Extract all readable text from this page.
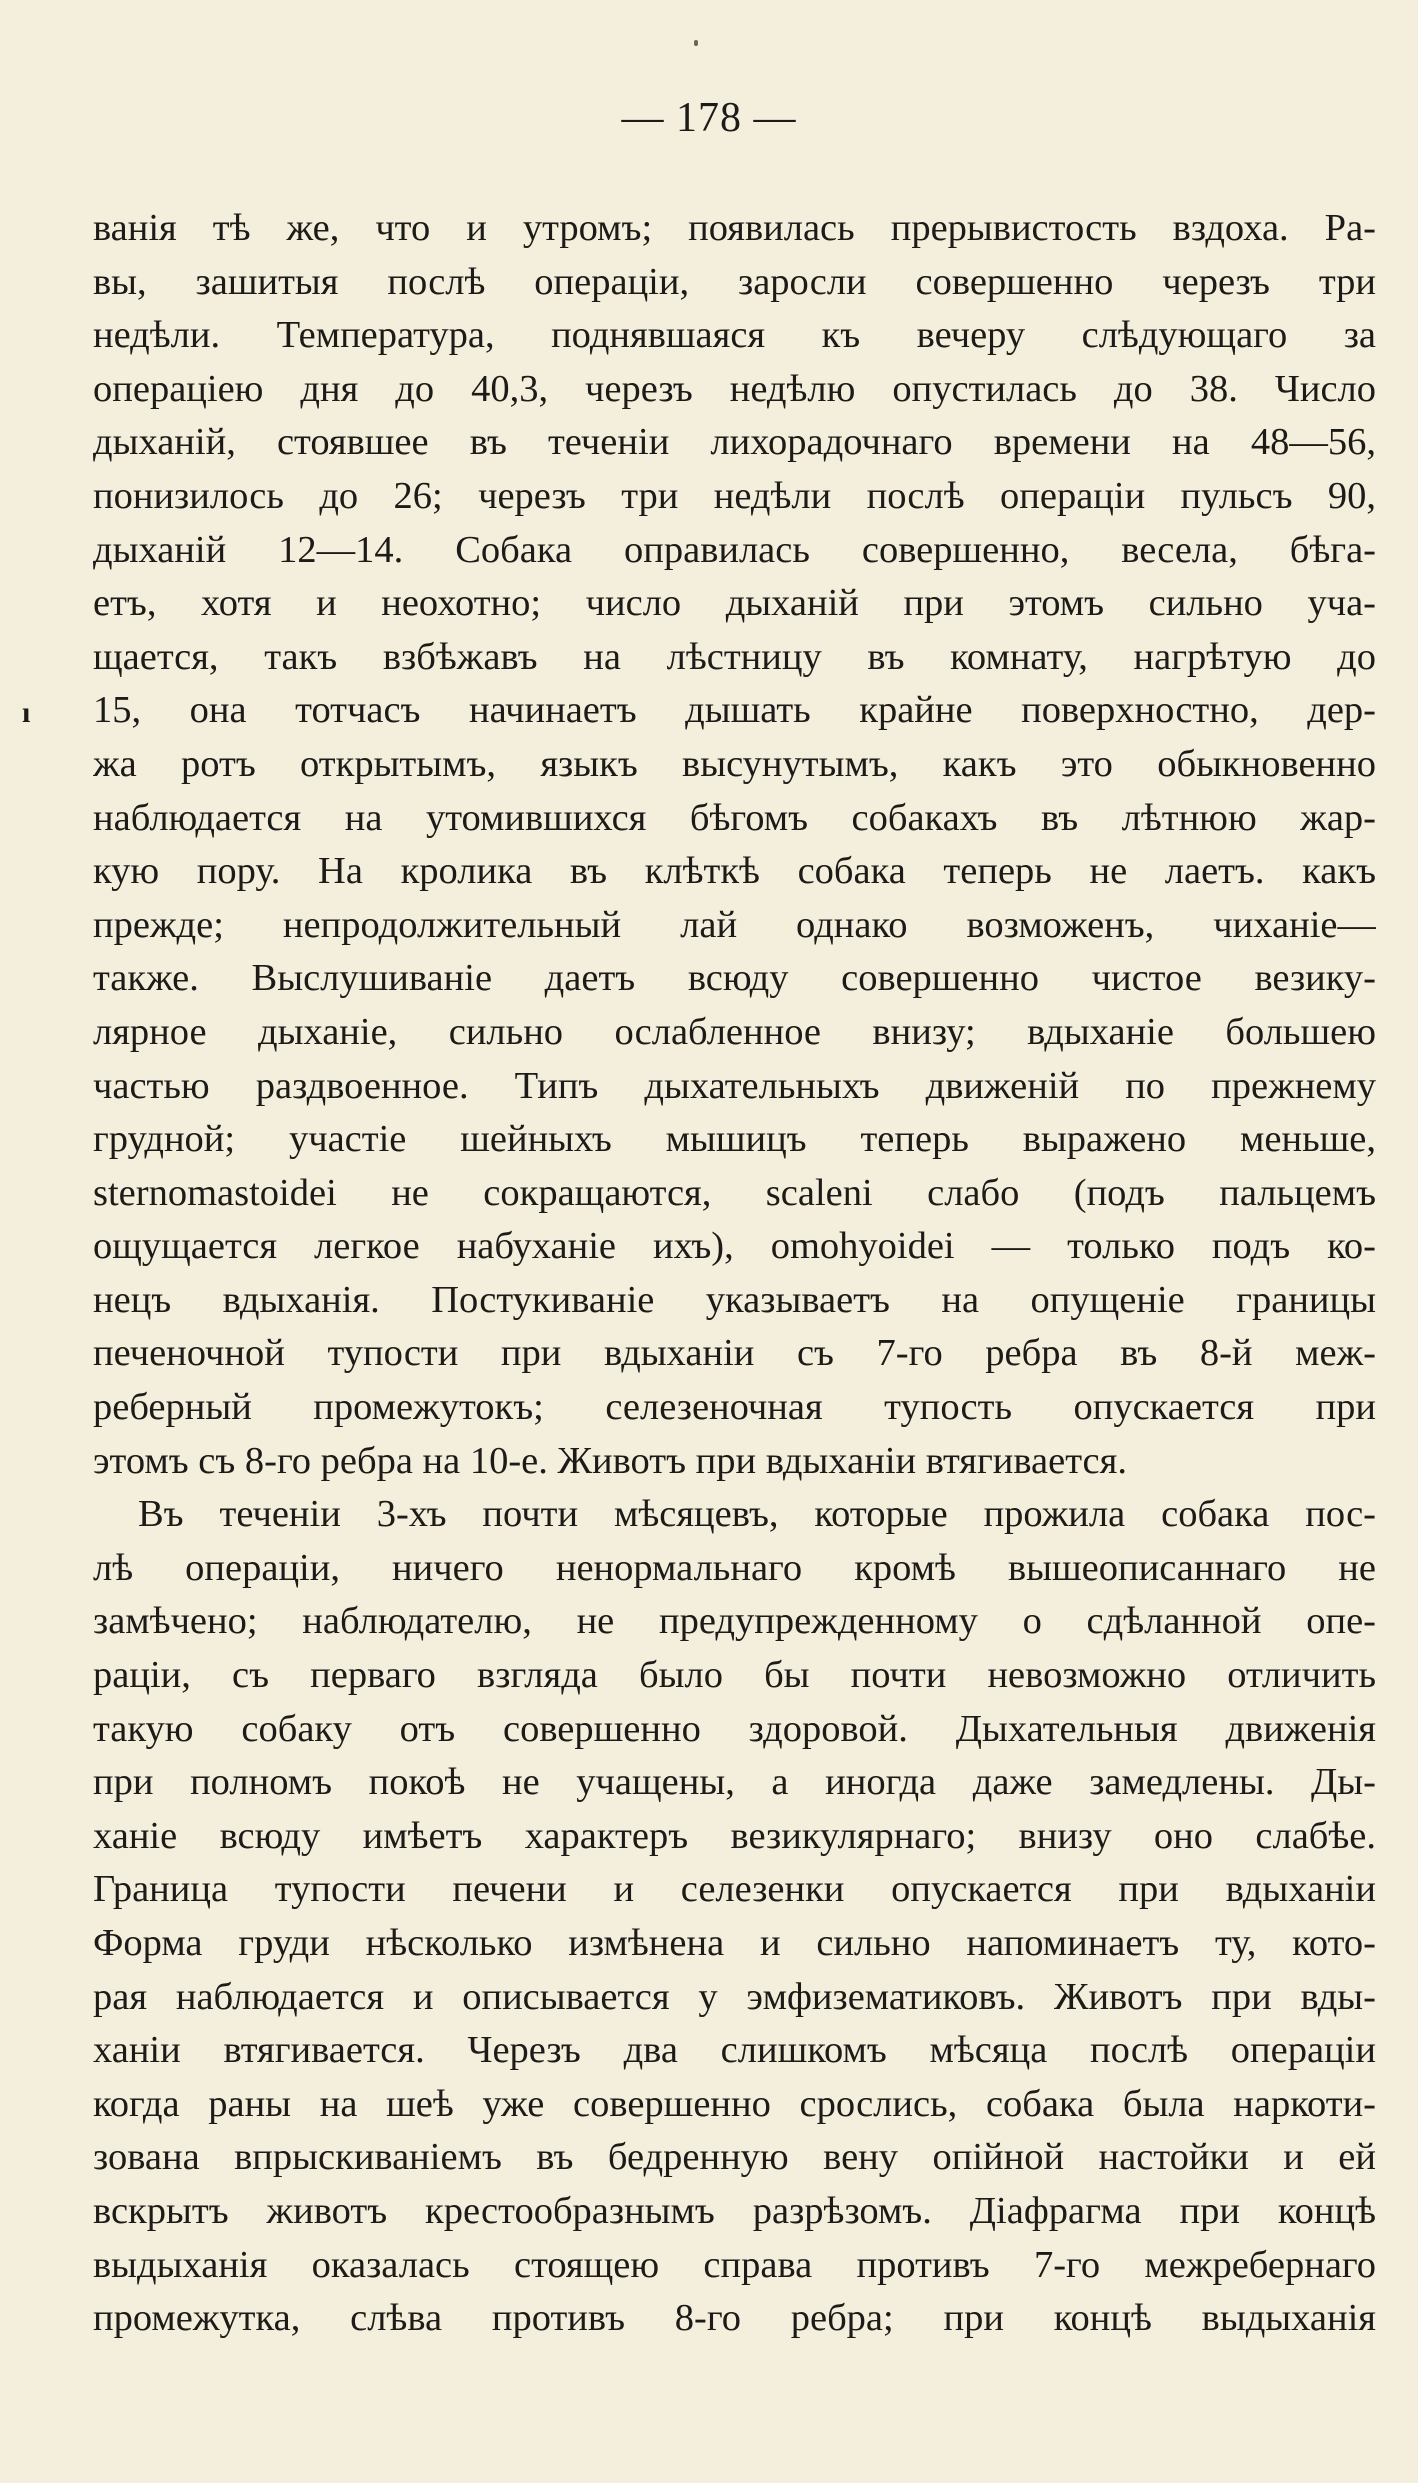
— 178 —
ı
ванія тѣ же, что и утромъ; появилась прерывистость вздоха. Ра-
вы, зашитыя послѣ операціи, заросли совершенно черезъ три
недѣли. Температура, поднявшаяся къ вечеру слѣдующаго за
операціею дня до 40,3, черезъ недѣлю опустилась до 38. Число
дыханій, стоявшее въ теченіи лихорадочнаго времени на 48—56,
понизилось до 26; черезъ три недѣли послѣ операціи пульсъ 90,
дыханій 12—14. Собака оправилась совершенно, весела, бѣга-
етъ, хотя и неохотно; число дыханій при этомъ сильно уча-
щается, такъ взбѣжавъ на лѣстницу въ комнату, нагрѣтую до
15, она тотчасъ начинаетъ дышать крайне поверхностно, дер-
жа ротъ открытымъ, языкъ высунутымъ, какъ это обыкновенно
наблюдается на утомившихся бѣгомъ собакахъ въ лѣтнюю жар-
кую пору. На кролика въ клѣткѣ собака теперь не лаетъ. какъ
прежде; непродолжительный лай однако возможенъ, чиханіе—
также. Выслушиваніе даетъ всюду совершенно чистое везику-
лярное дыханіе, сильно ослабленное внизу; вдыханіе большею
частью раздвоенное. Типъ дыхательныхъ движеній по прежнему
грудной; участіе шейныхъ мышицъ теперь выражено меньше,
sternomastoidei не сокращаются, scaleni слабо (подъ пальцемъ
ощущается легкое набуханіе ихъ), omohyoidei — только подъ ко-
нецъ вдыханія. Постукиваніе указываетъ на опущеніе границы
печеночной тупости при вдыханіи съ 7-го ребра въ 8-й меж-
реберный промежутокъ; селезеночная тупость опускается при
этомъ съ 8-го ребра на 10-е. Животъ при вдыханіи втягивается.
Въ теченіи 3-хъ почти мѣсяцевъ, которые прожила собака пос-
лѣ операціи, ничего ненормальнаго кромѣ вышеописаннаго не
замѣчено; наблюдателю, не предупрежденному о сдѣланной опе-
раціи, съ перваго взгляда было бы почти невозможно отличить
такую собаку отъ совершенно здоровой. Дыхательныя движенія
при полномъ покоѣ не учащены, а иногда даже замедлены. Ды-
ханіе всюду имѣетъ характеръ везикулярнаго; внизу оно слабѣе.
Граница тупости печени и селезенки опускается при вдыханіи
Форма груди нѣсколько измѣнена и сильно напоминаетъ ту, кото-
рая наблюдается и описывается у эмфизематиковъ. Животъ при вды-
ханіи втягивается. Черезъ два слишкомъ мѣсяца послѣ операціи
когда раны на шеѣ уже совершенно срослись, собака была наркоти-
зована впрыскиваніемъ въ бедренную вену опійной настойки и ей
вскрытъ животъ крестообразнымъ разрѣзомъ. Діафрагма при концѣ
выдыханія оказалась стоящею справа противъ 7-го межребернаго
промежутка, слѣва противъ 8-го ребра; при концѣ выдыханія
